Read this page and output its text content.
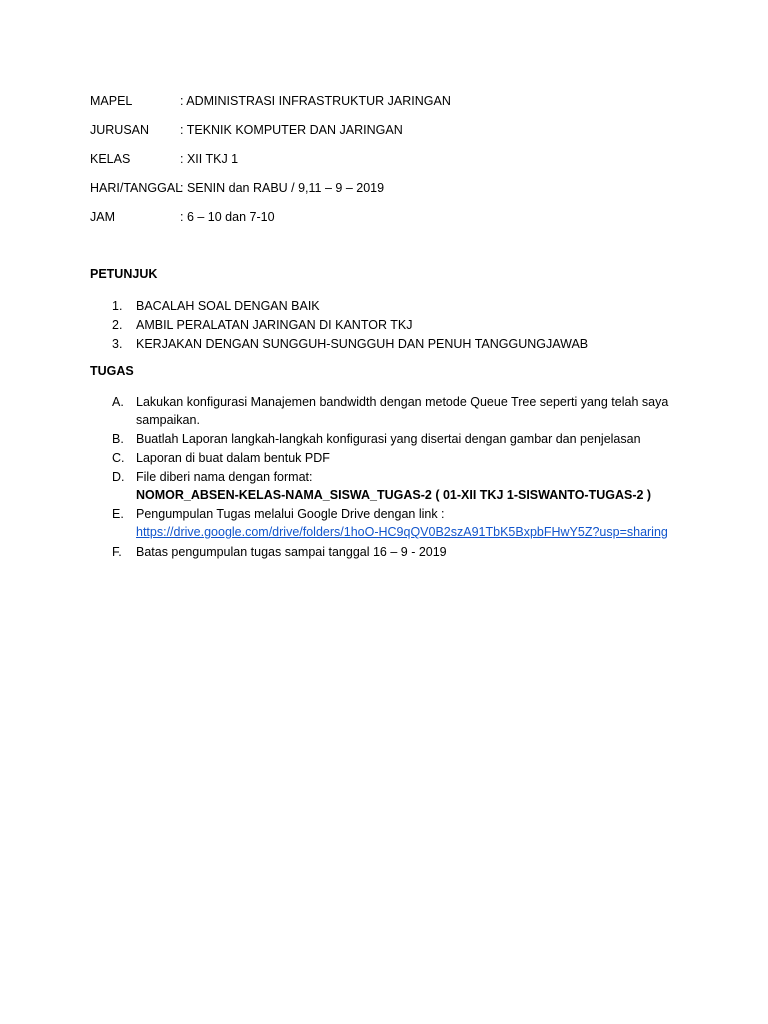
MAPEL	: ADMINISTRASI INFRASTRUKTUR JARINGAN
JURUSAN : TEKNIK KOMPUTER DAN JARINGAN
KELAS	: XII TKJ 1
HARI/TANGGAL: SENIN dan RABU / 9,11 – 9 – 2019
JAM	: 6 – 10 dan 7-10
PETUNJUK
1.	BACALAH SOAL DENGAN BAIK
2.	AMBIL PERALATAN JARINGAN DI KANTOR TKJ
3.	KERJAKAN DENGAN SUNGGUH-SUNGGUH DAN PENUH TANGGUNGJAWAB
TUGAS
A. Lakukan konfigurasi Manajemen bandwidth dengan metode Queue Tree seperti yang telah saya sampaikan.
B. Buatlah Laporan langkah-langkah konfigurasi yang disertai dengan gambar dan penjelasan
C. Laporan di buat dalam bentuk PDF
D. File diberi nama dengan format:
NOMOR_ABSEN-KELAS-NAMA_SISWA_TUGAS-2 ( 01-XII TKJ 1-SISWANTO-TUGAS-2 )
E. Pengumpulan Tugas melalui Google Drive dengan link :
https://drive.google.com/drive/folders/1hoO-HC9qQV0B2szA91TbK5BxpbFHwY5Z?usp=sharing
F.	Batas pengumpulan tugas sampai tanggal 16 – 9 - 2019
